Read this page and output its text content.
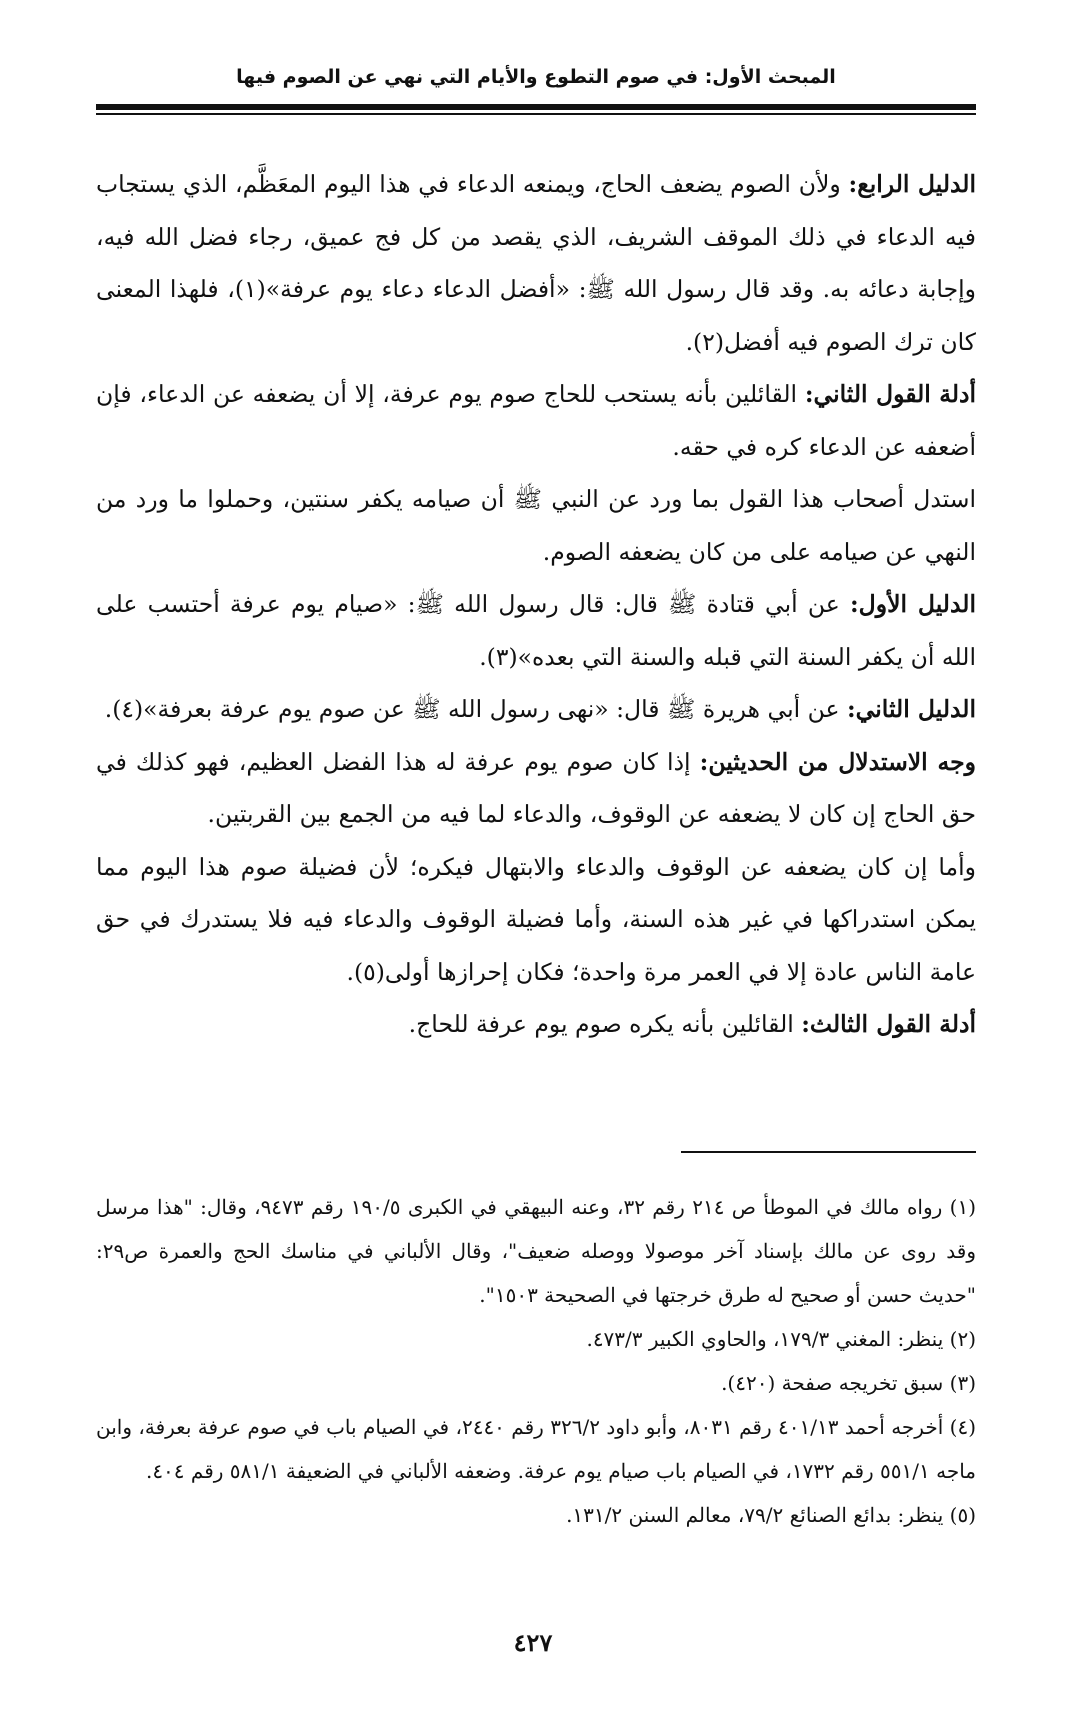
المبحث الأول: في صوم التطوع والأيام التي نهي عن الصوم فيها

الدليل الرابع: ولأن الصوم يضعف الحاج، ويمنعه الدعاء في هذا اليوم المعَظَّم، الذي يستجاب فيه الدعاء في ذلك الموقف الشريف، الذي يقصد من كل فج عميق، رجاء فضل الله فيه، وإجابة دعائه به. وقد قال رسول الله ﷺ: «أفضل الدعاء دعاء يوم عرفة»(١)، فلهذا المعنى كان ترك الصوم فيه أفضل(٢).

أدلة القول الثاني: القائلين بأنه يستحب للحاج صوم يوم عرفة، إلا أن يضعفه عن الدعاء، فإن أضعفه عن الدعاء كره في حقه.

استدل أصحاب هذا القول بما ورد عن النبي ﷺ أن صيامه يكفر سنتين، وحملوا ما ورد من النهي عن صيامه على من كان يضعفه الصوم.

الدليل الأول: عن أبي قتادة ﷺ قال: قال رسول الله ﷺ: «صيام يوم عرفة أحتسب على الله أن يكفر السنة التي قبله والسنة التي بعده»(٣).

الدليل الثاني: عن أبي هريرة ﷺ قال: «نهى رسول الله ﷺ عن صوم يوم عرفة بعرفة»(٤).

وجه الاستدلال من الحديثين: إذا كان صوم يوم عرفة له هذا الفضل العظيم، فهو كذلك في حق الحاج إن كان لا يضعفه عن الوقوف، والدعاء لما فيه من الجمع بين القربتين.

وأما إن كان يضعفه عن الوقوف والدعاء والابتهال فيكره؛ لأن فضيلة صوم هذا اليوم مما يمكن استدراكها في غير هذه السنة، وأما فضيلة الوقوف والدعاء فيه فلا يستدرك في حق عامة الناس عادة إلا في العمر مرة واحدة؛ فكان إحرازها أولى(٥).

أدلة القول الثالث: القائلين بأنه يكره صوم يوم عرفة للحاج.

(١) رواه مالك في الموطأ ص ٢١٤ رقم ٣٢، وعنه البيهقي في الكبرى ١٩٠/٥ رقم ٩٤٧٣، وقال: "هذا مرسل وقد روى عن مالك بإسناد آخر موصولا ووصله ضعيف"، وقال الألباني في مناسك الحج والعمرة ص٢٩: "حديث حسن أو صحيح له طرق خرجتها في الصحيحة ١٥٠٣".

(٢) ينظر: المغني ١٧٩/٣، والحاوي الكبير ٤٧٣/٣.

(٣) سبق تخريجه صفحة (٤٢٠).

(٤) أخرجه أحمد ٤٠١/١٣ رقم ٨٠٣١، وأبو داود ٣٢٦/٢ رقم ٢٤٤٠، في الصيام باب في صوم عرفة بعرفة، وابن ماجه ٥٥١/١ رقم ١٧٣٢، في الصيام باب صيام يوم عرفة. وضعفه الألباني في الضعيفة ٥٨١/١ رقم ٤٠٤.

(٥) ينظر: بدائع الصنائع ٧٩/٢، معالم السنن ١٣١/٢.

٤٢٧
